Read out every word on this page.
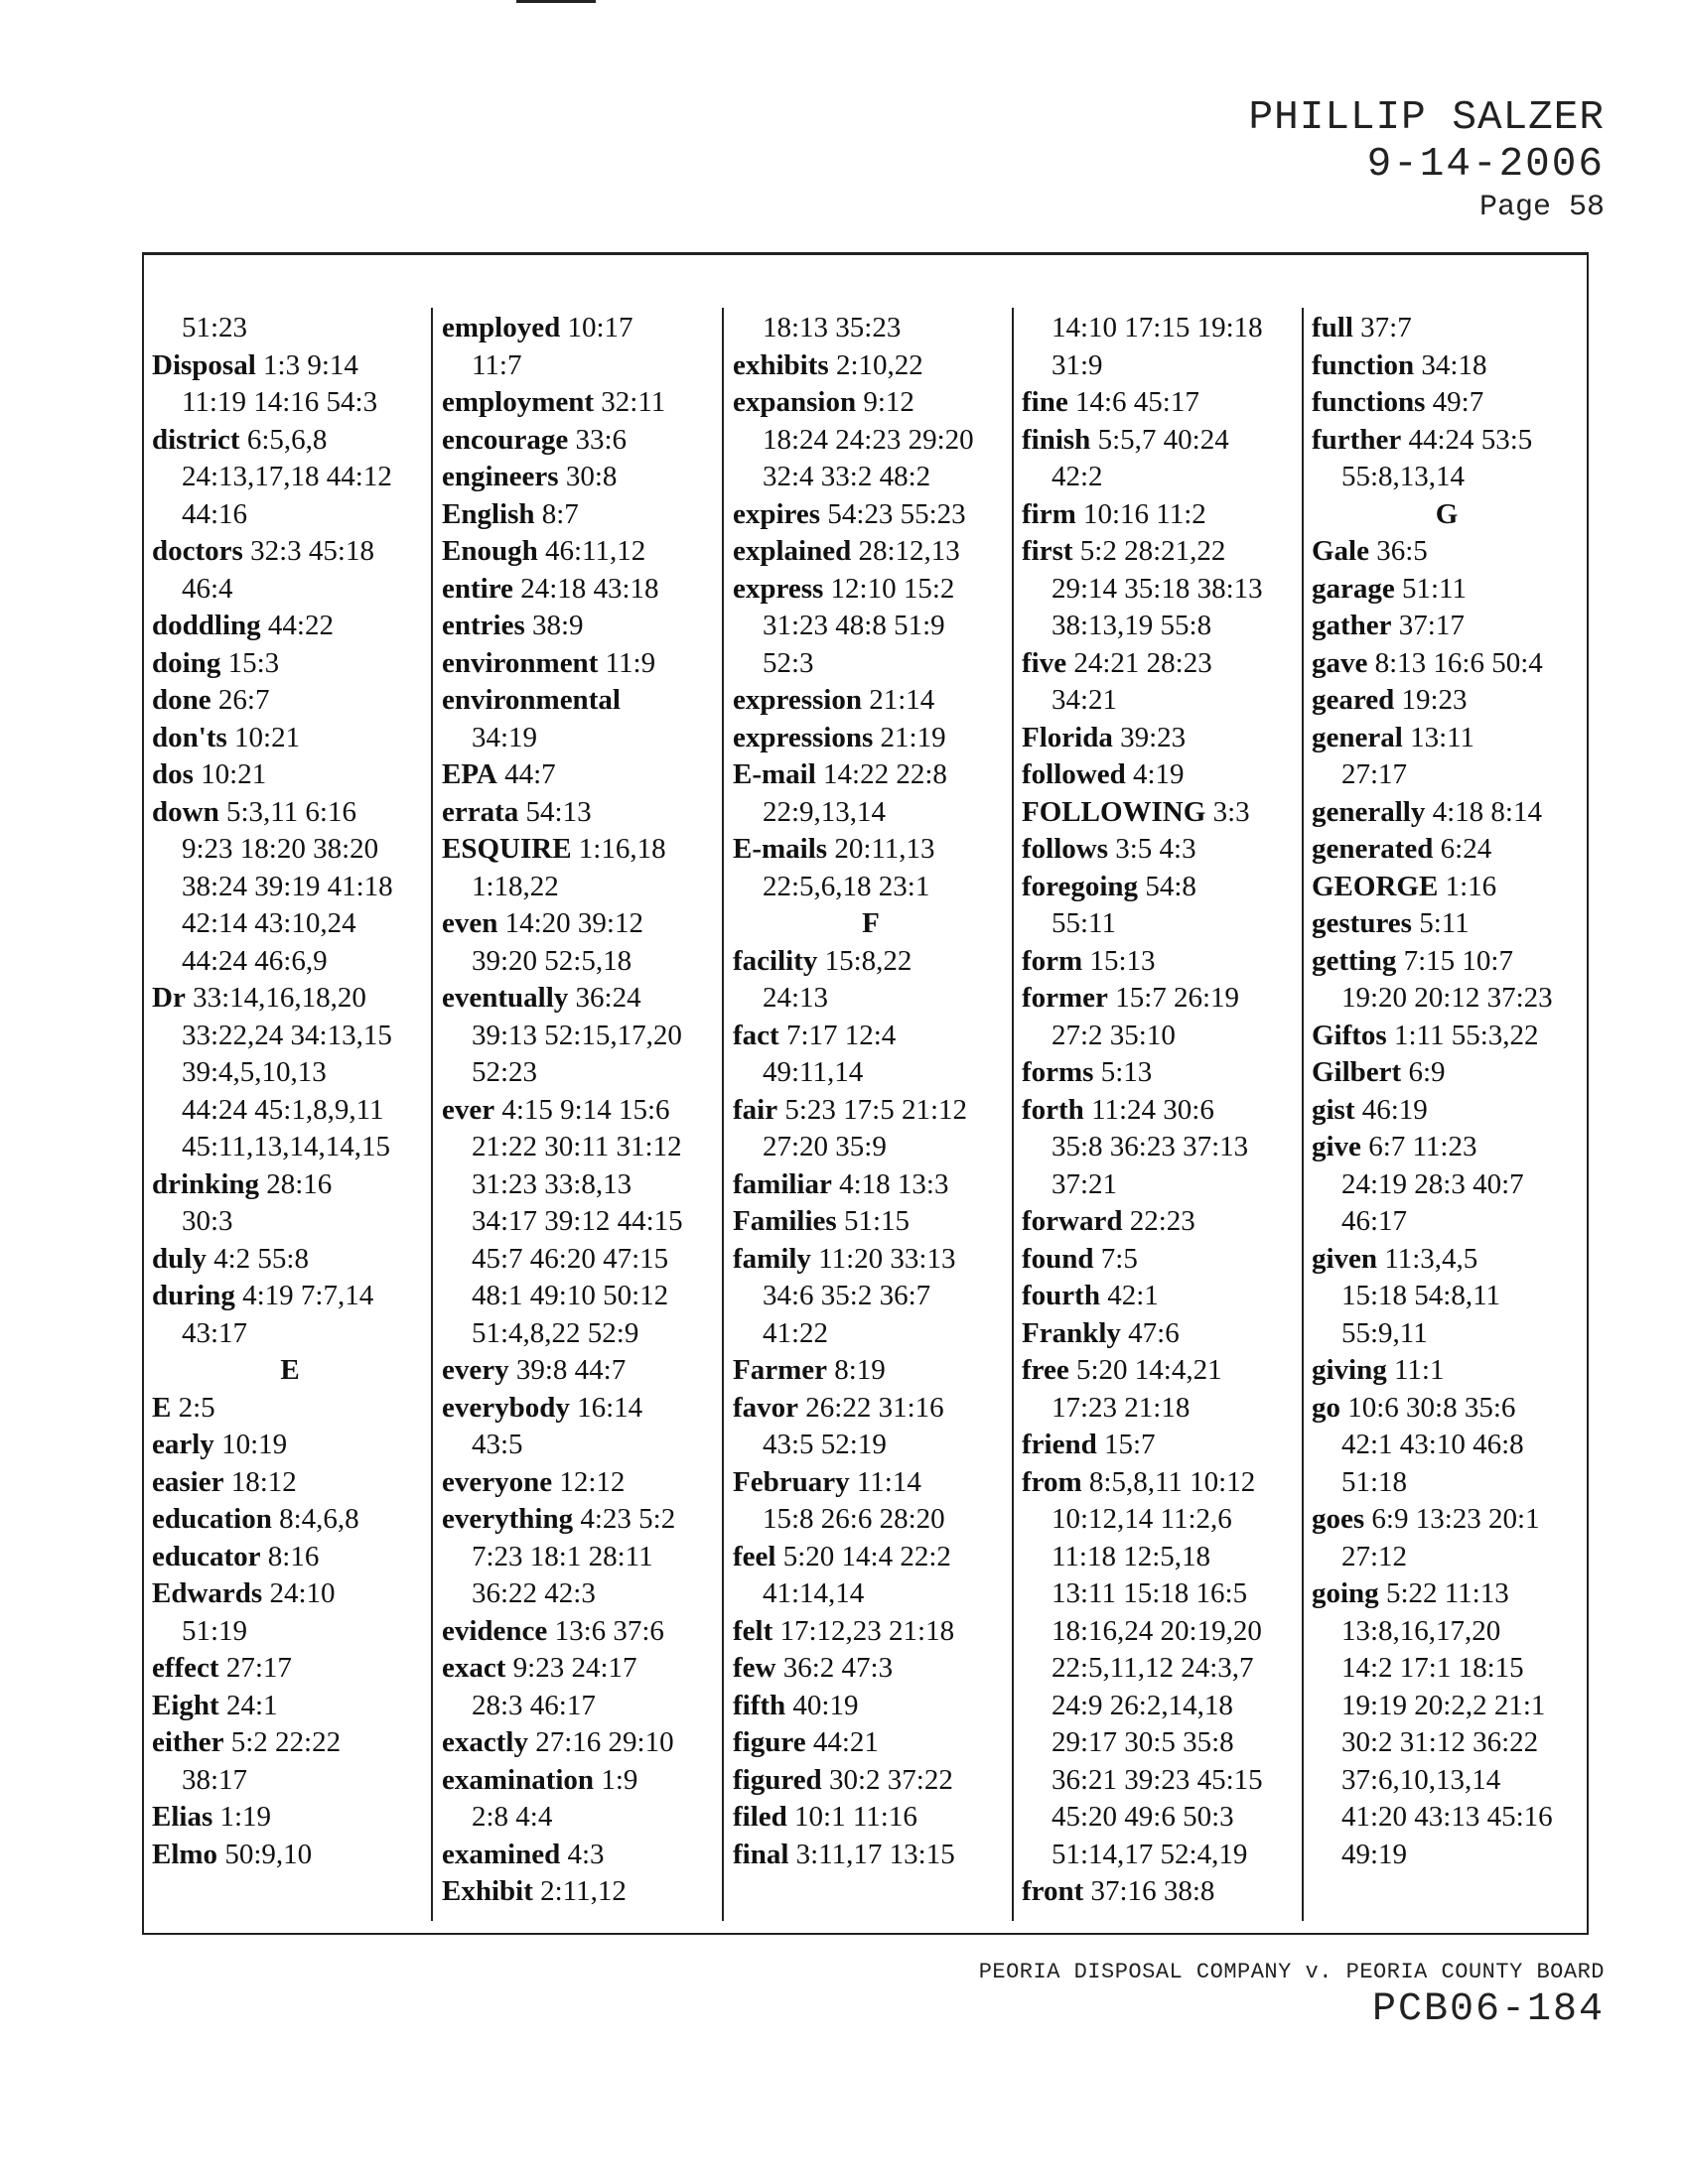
PHILLIP SALZER
9-14-2006
Page 58
51:23
Disposal 1:3 9:14
11:19 14:16 54:3
district 6:5,6,8
24:13,17,18 44:12
44:16
doctors 32:3 45:18
46:4
doddling 44:22
doing 15:3
done 26:7
don'ts 10:21
dos 10:21
down 5:3,11 6:16
9:23 18:20 38:20
38:24 39:19 41:18
42:14 43:10,24
44:24 46:6,9
Dr 33:14,16,18,20
33:22,24 34:13,15
39:4,5,10,13
44:24 45:1,8,9,11
45:11,13,14,14,15
drinking 28:16
30:3
duly 4:2 55:8
during 4:19 7:7,14
43:17
E
E 2:5
early 10:19
easier 18:12
education 8:4,6,8
educator 8:16
Edwards 24:10
51:19
effect 27:17
Eight 24:1
either 5:2 22:22
38:17
Elias 1:19
Elmo 50:9,10
employed 10:17
11:7
employment 32:11
encourage 33:6
engineers 30:8
English 8:7
Enough 46:11,12
entire 24:18 43:18
entries 38:9
environment 11:9
environmental
34:19
EPA 44:7
errata 54:13
ESQUIRE 1:16,18
1:18,22
even 14:20 39:12
39:20 52:5,18
eventually 36:24
39:13 52:15,17,20
52:23
ever 4:15 9:14 15:6
21:22 30:11 31:12
31:23 33:8,13
34:17 39:12 44:15
45:7 46:20 47:15
48:1 49:10 50:12
51:4,8,22 52:9
every 39:8 44:7
everybody 16:14
43:5
everyone 12:12
everything 4:23 5:2
7:23 18:1 28:11
36:22 42:3
evidence 13:6 37:6
exact 9:23 24:17
28:3 46:17
exactly 27:16 29:10
examination 1:9
2:8 4:4
examined 4:3
Exhibit 2:11,12
18:13 35:23
exhibits 2:10,22
expansion 9:12
18:24 24:23 29:20
32:4 33:2 48:2
expires 54:23 55:23
explained 28:12,13
express 12:10 15:2
31:23 48:8 51:9
52:3
expression 21:14
expressions 21:19
E-mail 14:22 22:8
22:9,13,14
E-mails 20:11,13
22:5,6,18 23:1
F
facility 15:8,22
24:13
fact 7:17 12:4
49:11,14
fair 5:23 17:5 21:12
27:20 35:9
familiar 4:18 13:3
Families 51:15
family 11:20 33:13
34:6 35:2 36:7
41:22
Farmer 8:19
favor 26:22 31:16
43:5 52:19
February 11:14
15:8 26:6 28:20
feel 5:20 14:4 22:2
41:14,14
felt 17:12,23 21:18
few 36:2 47:3
fifth 40:19
figure 44:21
figured 30:2 37:22
filed 10:1 11:16
final 3:11,17 13:15
14:10 17:15 19:18
31:9
fine 14:6 45:17
finish 5:5,7 40:24
42:2
firm 10:16 11:2
first 5:2 28:21,22
29:14 35:18 38:13
38:13,19 55:8
five 24:21 28:23
34:21
Florida 39:23
followed 4:19
FOLLOWING 3:3
follows 3:5 4:3
foregoing 54:8
55:11
form 15:13
former 15:7 26:19
27:2 35:10
forms 5:13
forth 11:24 30:6
35:8 36:23 37:13
37:21
forward 22:23
found 7:5
fourth 42:1
Frankly 47:6
free 5:20 14:4,21
17:23 21:18
friend 15:7
from 8:5,8,11 10:12
10:12,14 11:2,6
11:18 12:5,18
13:11 15:18 16:5
18:16,24 20:19,20
22:5,11,12 24:3,7
24:9 26:2,14,18
29:17 30:5 35:8
36:21 39:23 45:15
45:20 49:6 50:3
51:14,17 52:4,19
front 37:16 38:8
full 37:7
function 34:18
functions 49:7
further 44:24 53:5
55:8,13,14
G
Gale 36:5
garage 51:11
gather 37:17
gave 8:13 16:6 50:4
geared 19:23
general 13:11
27:17
generally 4:18 8:14
generated 6:24
GEORGE 1:16
gestures 5:11
getting 7:15 10:7
19:20 20:12 37:23
Giftos 1:11 55:3,22
Gilbert 6:9
gist 46:19
give 6:7 11:23
24:19 28:3 40:7
46:17
given 11:3,4,5
15:18 54:8,11
55:9,11
giving 11:1
go 10:6 30:8 35:6
42:1 43:10 46:8
51:18
goes 6:9 13:23 20:1
27:12
going 5:22 11:13
13:8,16,17,20
14:2 17:1 18:15
19:19 20:2,2 21:1
30:2 31:12 36:22
37:6,10,13,14
41:20 43:13 45:16
49:19
PEORIA DISPOSAL COMPANY v. PEORIA COUNTY BOARD
PCB06-184
